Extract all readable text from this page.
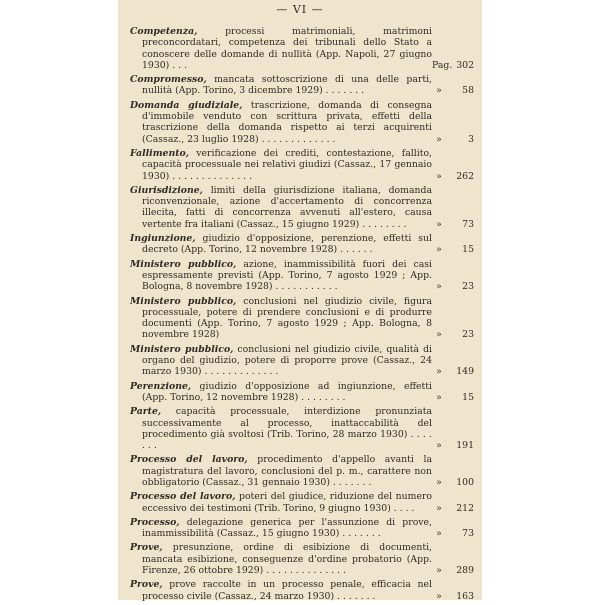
— VI —
Competenza, processi matrimoniali, matrimoni preconcordatari, competenza dei tribunali dello Stato a conoscere delle domande di nullità (App. Napoli, 27 giugno 1930) . . .	Pag. 302
Compromesso, mancata sottoscrizione di una delle parti, nullità (App. Torino, 3 dicembre 1929) . . . . . . .	»	58
Domanda giudiziale, trascrizione, domanda di consegna d'immobile venduto con scrittura privata, effetti della trascrizione della domanda rispetto ai terzi acquirenti (Cassaz., 23 luglio 1928) . . . . . . . . . . . . .	»	3
Fallimento, verificazione dei crediti, contestazione, fallito, capacità processuale nei relativi giudizi (Cassaz., 17 gennaio 1930) . . . . . . . . . . . . . .	»	262
Giurisdizione, limiti della giurisdizione italiana, domanda riconvenzionale, azione d'accertamento di concorrenza illecita, fatti di concorrenza avvenuti all'estero, causa vertente fra italiani (Cassaz., 15 giugno 1929) . . . . . . . .	»	73
Ingiunzione, giudizio d'opposizione, perenzione, effetti sul decreto (App. Torino, 12 novembre 1928) . . . . . .	»	15
Ministero pubblico, azione, inammissibilità fuori dei casi espressamente previsti (App. Torino, 7 agosto 1929 ; App. Bologna, 8 novembre 1928) . . . . . . . . . . .	»	23
Ministero pubblico, conclusioni nel giudizio civile, figura processuale, potere di prendere conclusioni e di produrre documenti (App. Torino, 7 agosto 1929 ; App. Bologna, 8 novembre 1928)	»	23
Ministero pubblico, conclusioni nel giudizio civile, qualità di organo del giudizio, potere di proporre prove (Cassaz., 24 marzo 1930) . . . . . . . . . . . . .	»	149
Perenzione, giudizio d'opposizione ad ingiunzione, effetti (App. Torino, 12 novembre 1928) . . . . . . . .	»	15
Parte, capacità processuale, interdizione pronunziata successivamente al processo, inattaccabilità del procedimento già svoltosi (Trib. Torino, 28 marzo 1930) . . . . . . .	»	191
Processo del lavoro, procedimento d'appello avanti la magistratura del lavoro, conclusioni del p. m., carattere non obbligatorio (Cassaz., 31 gennaio 1930) . . . . . . .	»	100
Processo del lavoro, poteri del giudice, riduzione del numero eccessivo dei testimoni (Trib. Torino, 9 giugno 1930) . . . .	»	212
Processo, delegazione generica per l'assunzione di prove, inammissibilità (Cassaz., 15 giugno 1930) . . . . . . .	»	73
Prove, presunzione, ordine di esibizione di documenti, mancata esibizione, conseguenze d'ordine probatorio (App. Firenze, 26 ottobre 1929) . . . . . . . . . . . . . .	»	289
Prove, prove raccolte in un processo penale, efficacia nel processo civile (Cassaz., 24 marzo 1930) . . . . . . .	»	163
